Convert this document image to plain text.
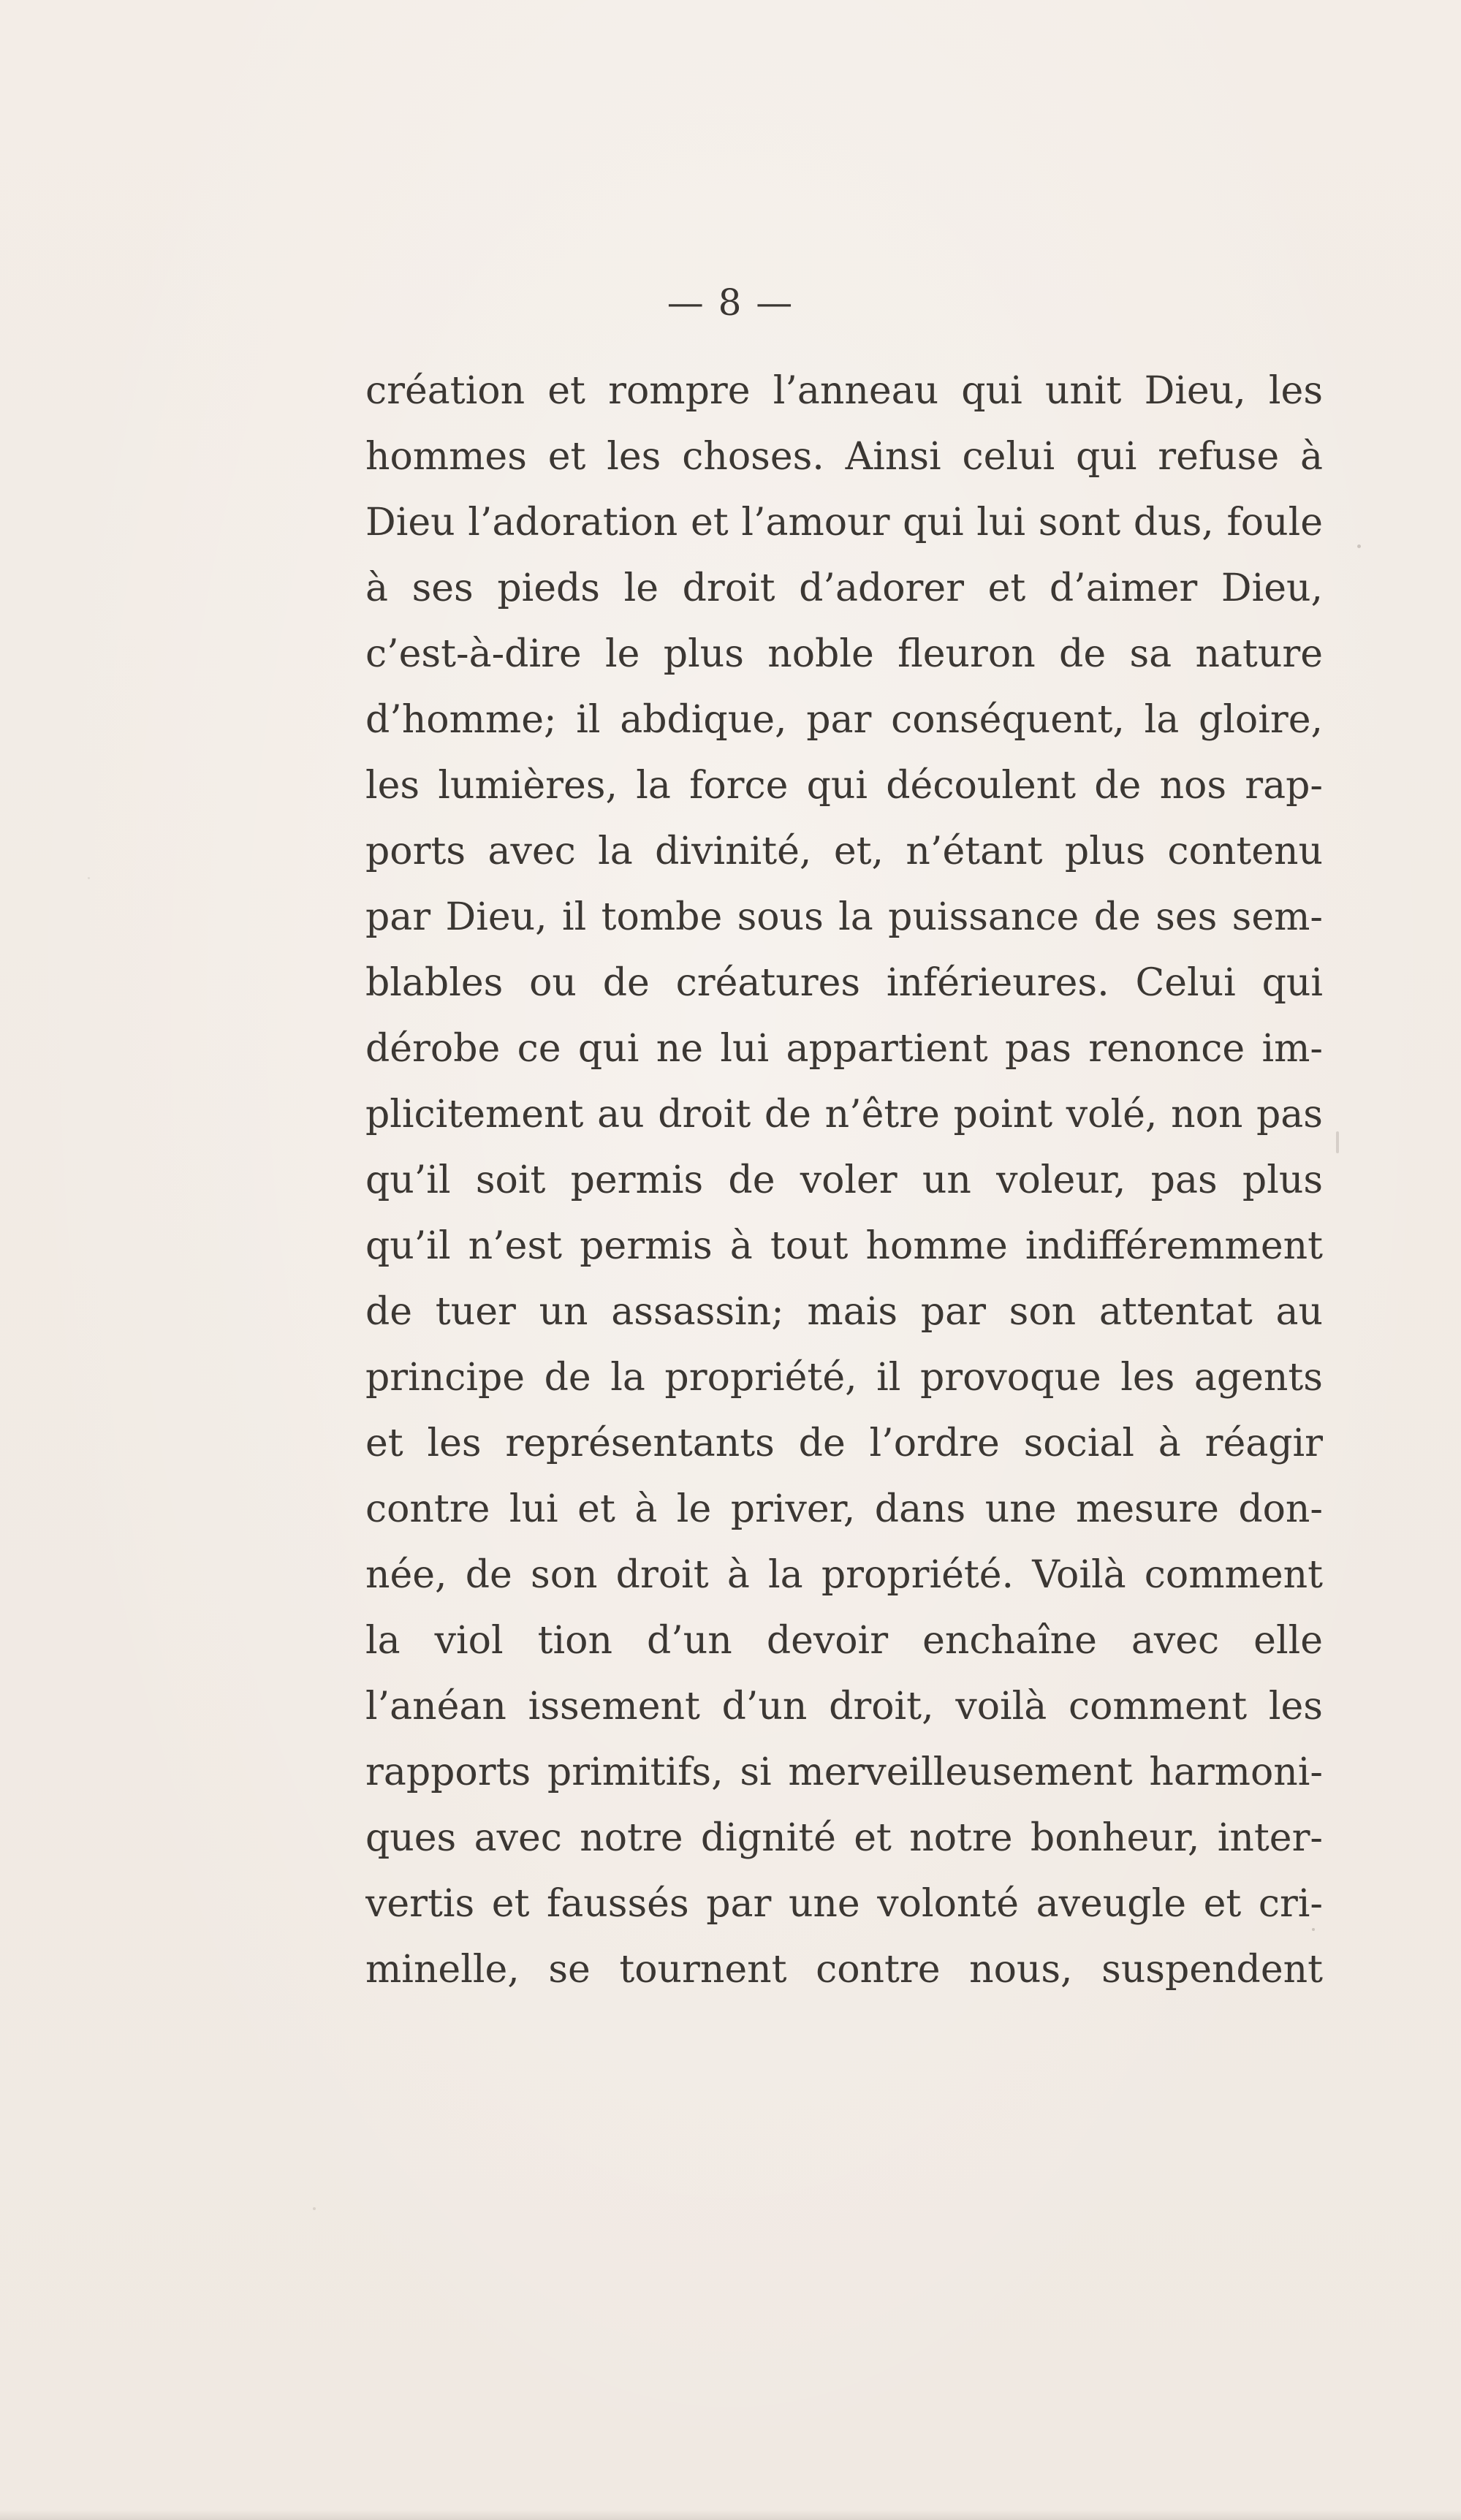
— 8 —
création et rompre l’anneau qui unit Dieu, les
hommes et les choses. Ainsi celui qui refuse à
Dieu l’adoration et l’amour qui lui sont dus, foule
à ses pieds le droit d’adorer et d’aimer Dieu,
c’est-à-dire le plus noble fleuron de sa nature
d’homme; il abdique, par conséquent, la gloire,
les lumières, la force qui découlent de nos rap-
ports avec la divinité, et, n’étant plus contenu
par Dieu, il tombe sous la puissance de ses sem-
blables ou de créatures inférieures. Celui qui
dérobe ce qui ne lui appartient pas renonce im-
plicitement au droit de n’être point volé, non pas
qu’il soit permis de voler un voleur, pas plus
qu’il n’est permis à tout homme indifféremment
de tuer un assassin; mais par son attentat au
principe de la propriété, il provoque les agents
et les représentants de l’ordre social à réagir
contre lui et à le priver, dans une mesure don-
née, de son droit à la propriété. Voilà comment
la viol tion d’un devoir enchaîne avec elle
l’anéan issement d’un droit, voilà comment les
rapports primitifs, si merveilleusement harmoni-
ques avec notre dignité et notre bonheur, inter-
vertis et faussés par une volonté aveugle et cri-
minelle, se tournent contre nous, suspendent
